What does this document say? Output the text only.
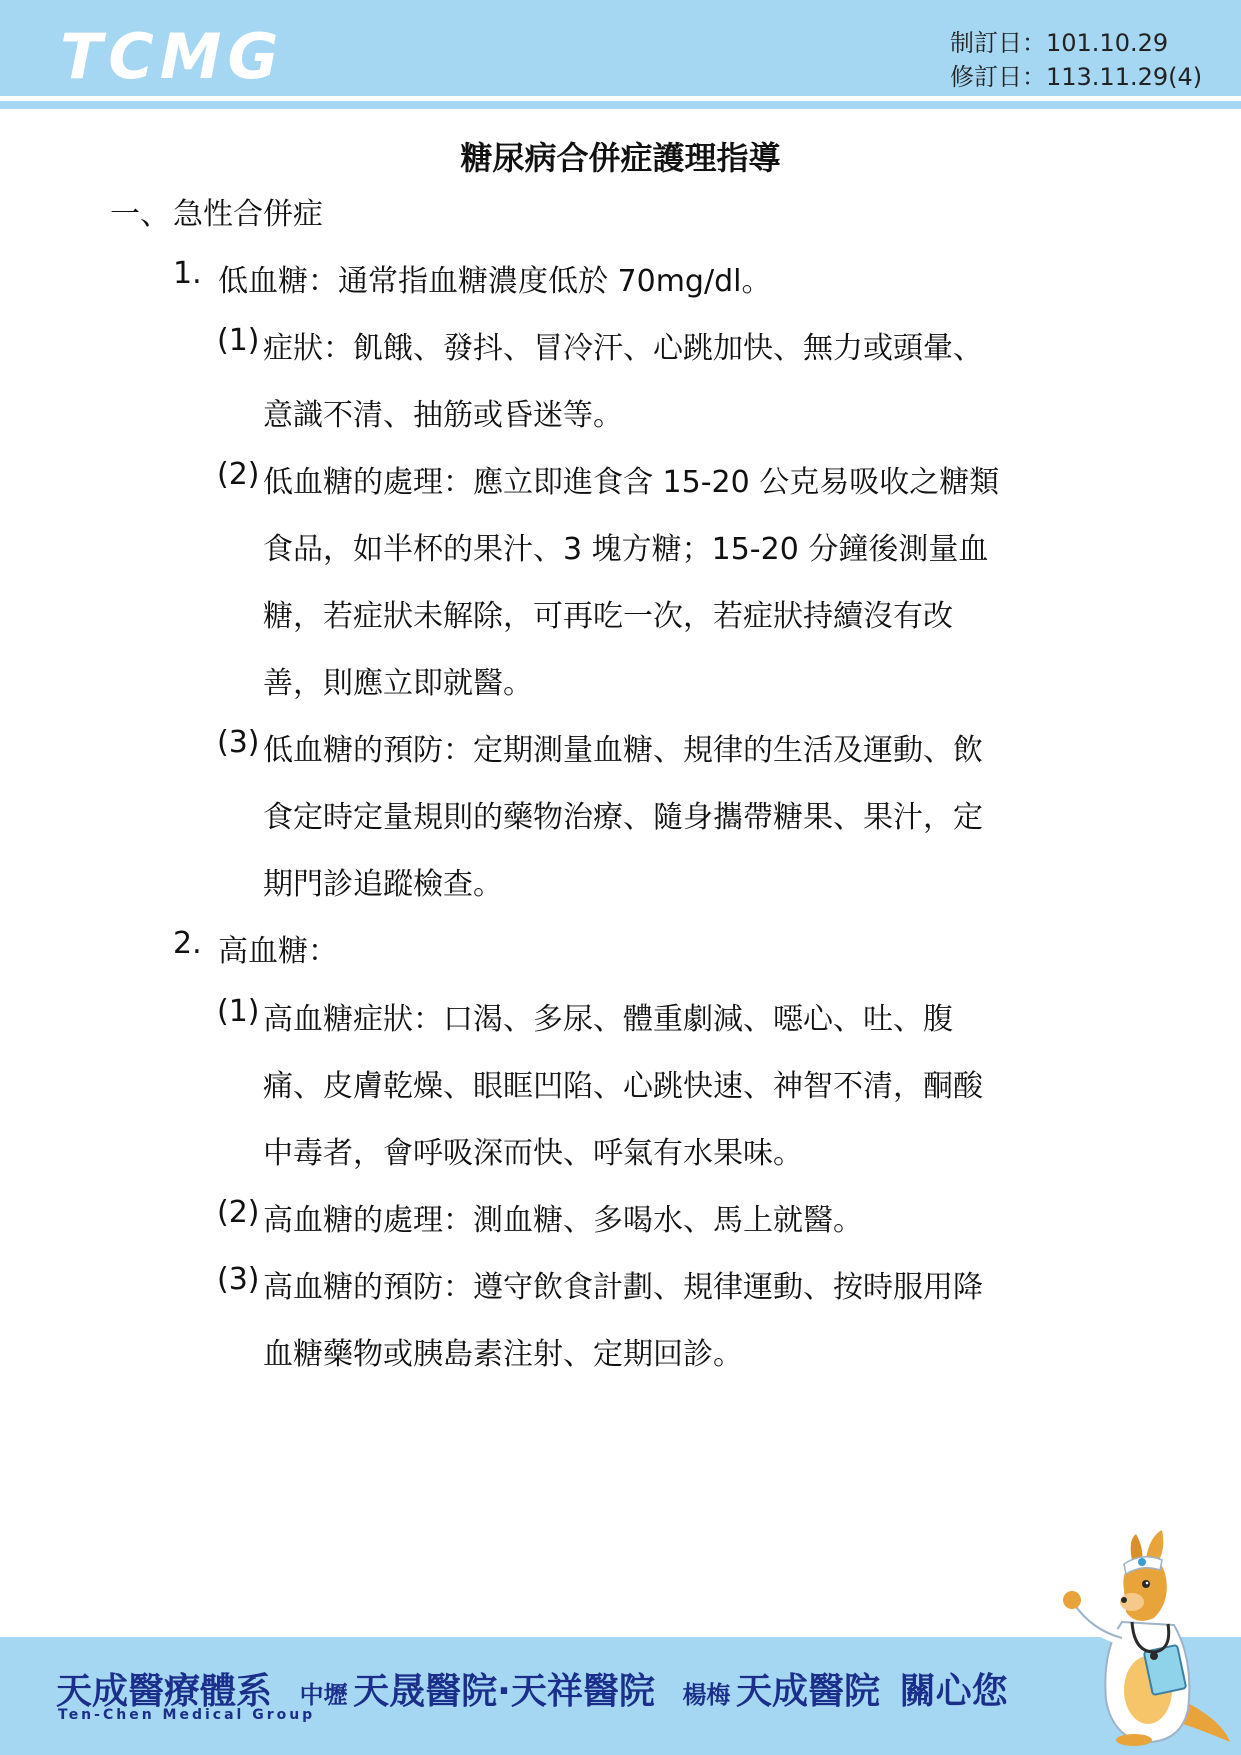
TCMG	制訂日：101.10.29
修訂日：113.11.29(4)
糖尿病合併症護理指導
一、 急性合併症
1. 低血糖：通常指血糖濃度低於 70mg/dl。
(1) 症狀：飢餓、發抖、冒冷汗、心跳加快、無力或頭暈、
意識不清、抽筋或昏迷等。
(2) 低血糖的處理：應立即進食含 15-20 公克易吸收之糖類
食品，如半杯的果汁、3 塊方糖；15-20 分鐘後測量血
糖，若症狀未解除，可再吃一次，若症狀持續沒有改
善，則應立即就醫。
(3) 低血糖的預防：定期測量血糖、規律的生活及運動、飲
食定時定量規則的藥物治療、隨身攜帶糖果、果汁，定
期門診追蹤檢查。
2. 高血糖：
(1) 高血糖症狀：口渴、多尿、體重劇減、噁心、吐、腹
痛、皮膚乾燥、眼眶凹陷、心跳快速、神智不清，酮酸
中毒者，會呼吸深而快、呼氣有水果味。
(2) 高血糖的處理：測血糖、多喝水、馬上就醫。
(3) 高血糖的預防：遵守飲食計劃、規律運動、按時服用降
血糖藥物或胰島素注射、定期回診。
天成醫療體系 中壢 天晟醫院·天祥醫院 楊梅 天成醫院 關心您
Ten-Chen Medical Group
